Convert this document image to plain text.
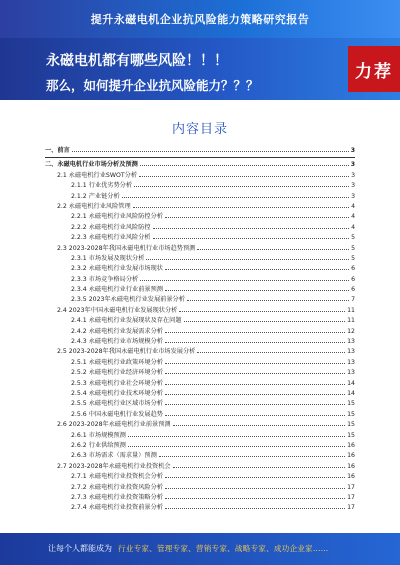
提升永磁电机企业抗风险能力策略研究报告
永磁电机都有哪些风险！！！
那么，如何提升企业抗风险能力？？？
力荐
内容目录
一、前言	3
二、永磁电机行业市场分析及预测	3
2.1 永磁电机行业SWOT分析	3
2.1.1 行业优劣势分析	3
2.1.2 产业链分析	3
2.2 永磁电机行业风险管理	4
2.2.1 永磁电机行业风险防控分析	4
2.2.2 永磁电机行业风险防控	4
2.2.3 永磁电机行业风险分析	5
2.3 2023-2028年我国永磁电机行业市场趋势预测	5
2.3.1 市场发展及现状分析	5
2.3.2 永磁电机行业发展市场现状	6
2.3.3 市场竞争格局分析	6
2.3.4 永磁电机行业行业前景预测	6
2.3.5 2023年永磁电机行业发展前景分析	7
2.4 2023年中国永磁电机行业发展现状分析	11
2.4.1 永磁电机行业发展现状及存在问题	11
2.4.2 永磁电机行业发展需求分析	12
2.4.3 永磁电机行业市场规模分析	13
2.5 2023-2028年我国永磁电机行业市场发展分析	13
2.5.1 永磁电机行业政策环境分析	13
2.5.2 永磁电机行业经济环境分析	13
2.5.3 永磁电机行业社会环境分析	14
2.5.4 永磁电机行业技术环境分析	14
2.5.5 永磁电机行业区域市场分析	15
2.5.6 中国永磁电机行业发展趋势	15
2.6 2023-2028年永磁电机行业前景预测	15
2.6.1 市场规模预测	15
2.6.2 行业供给预测	16
2.6.3 市场需求（需求量）预测	16
2.7 2023-2028年永磁电机行业投资机会	16
2.7.1 永磁电机行业投资机会分析	16
2.7.2 永磁电机行业投资风险分析	17
2.7.3 永磁电机行业投资策略分析	17
2.7.4 永磁电机行业投资前景分析	17
让每个人都能成为 行业专家、管理专家、营销专家、战略专家、成功企业家……
